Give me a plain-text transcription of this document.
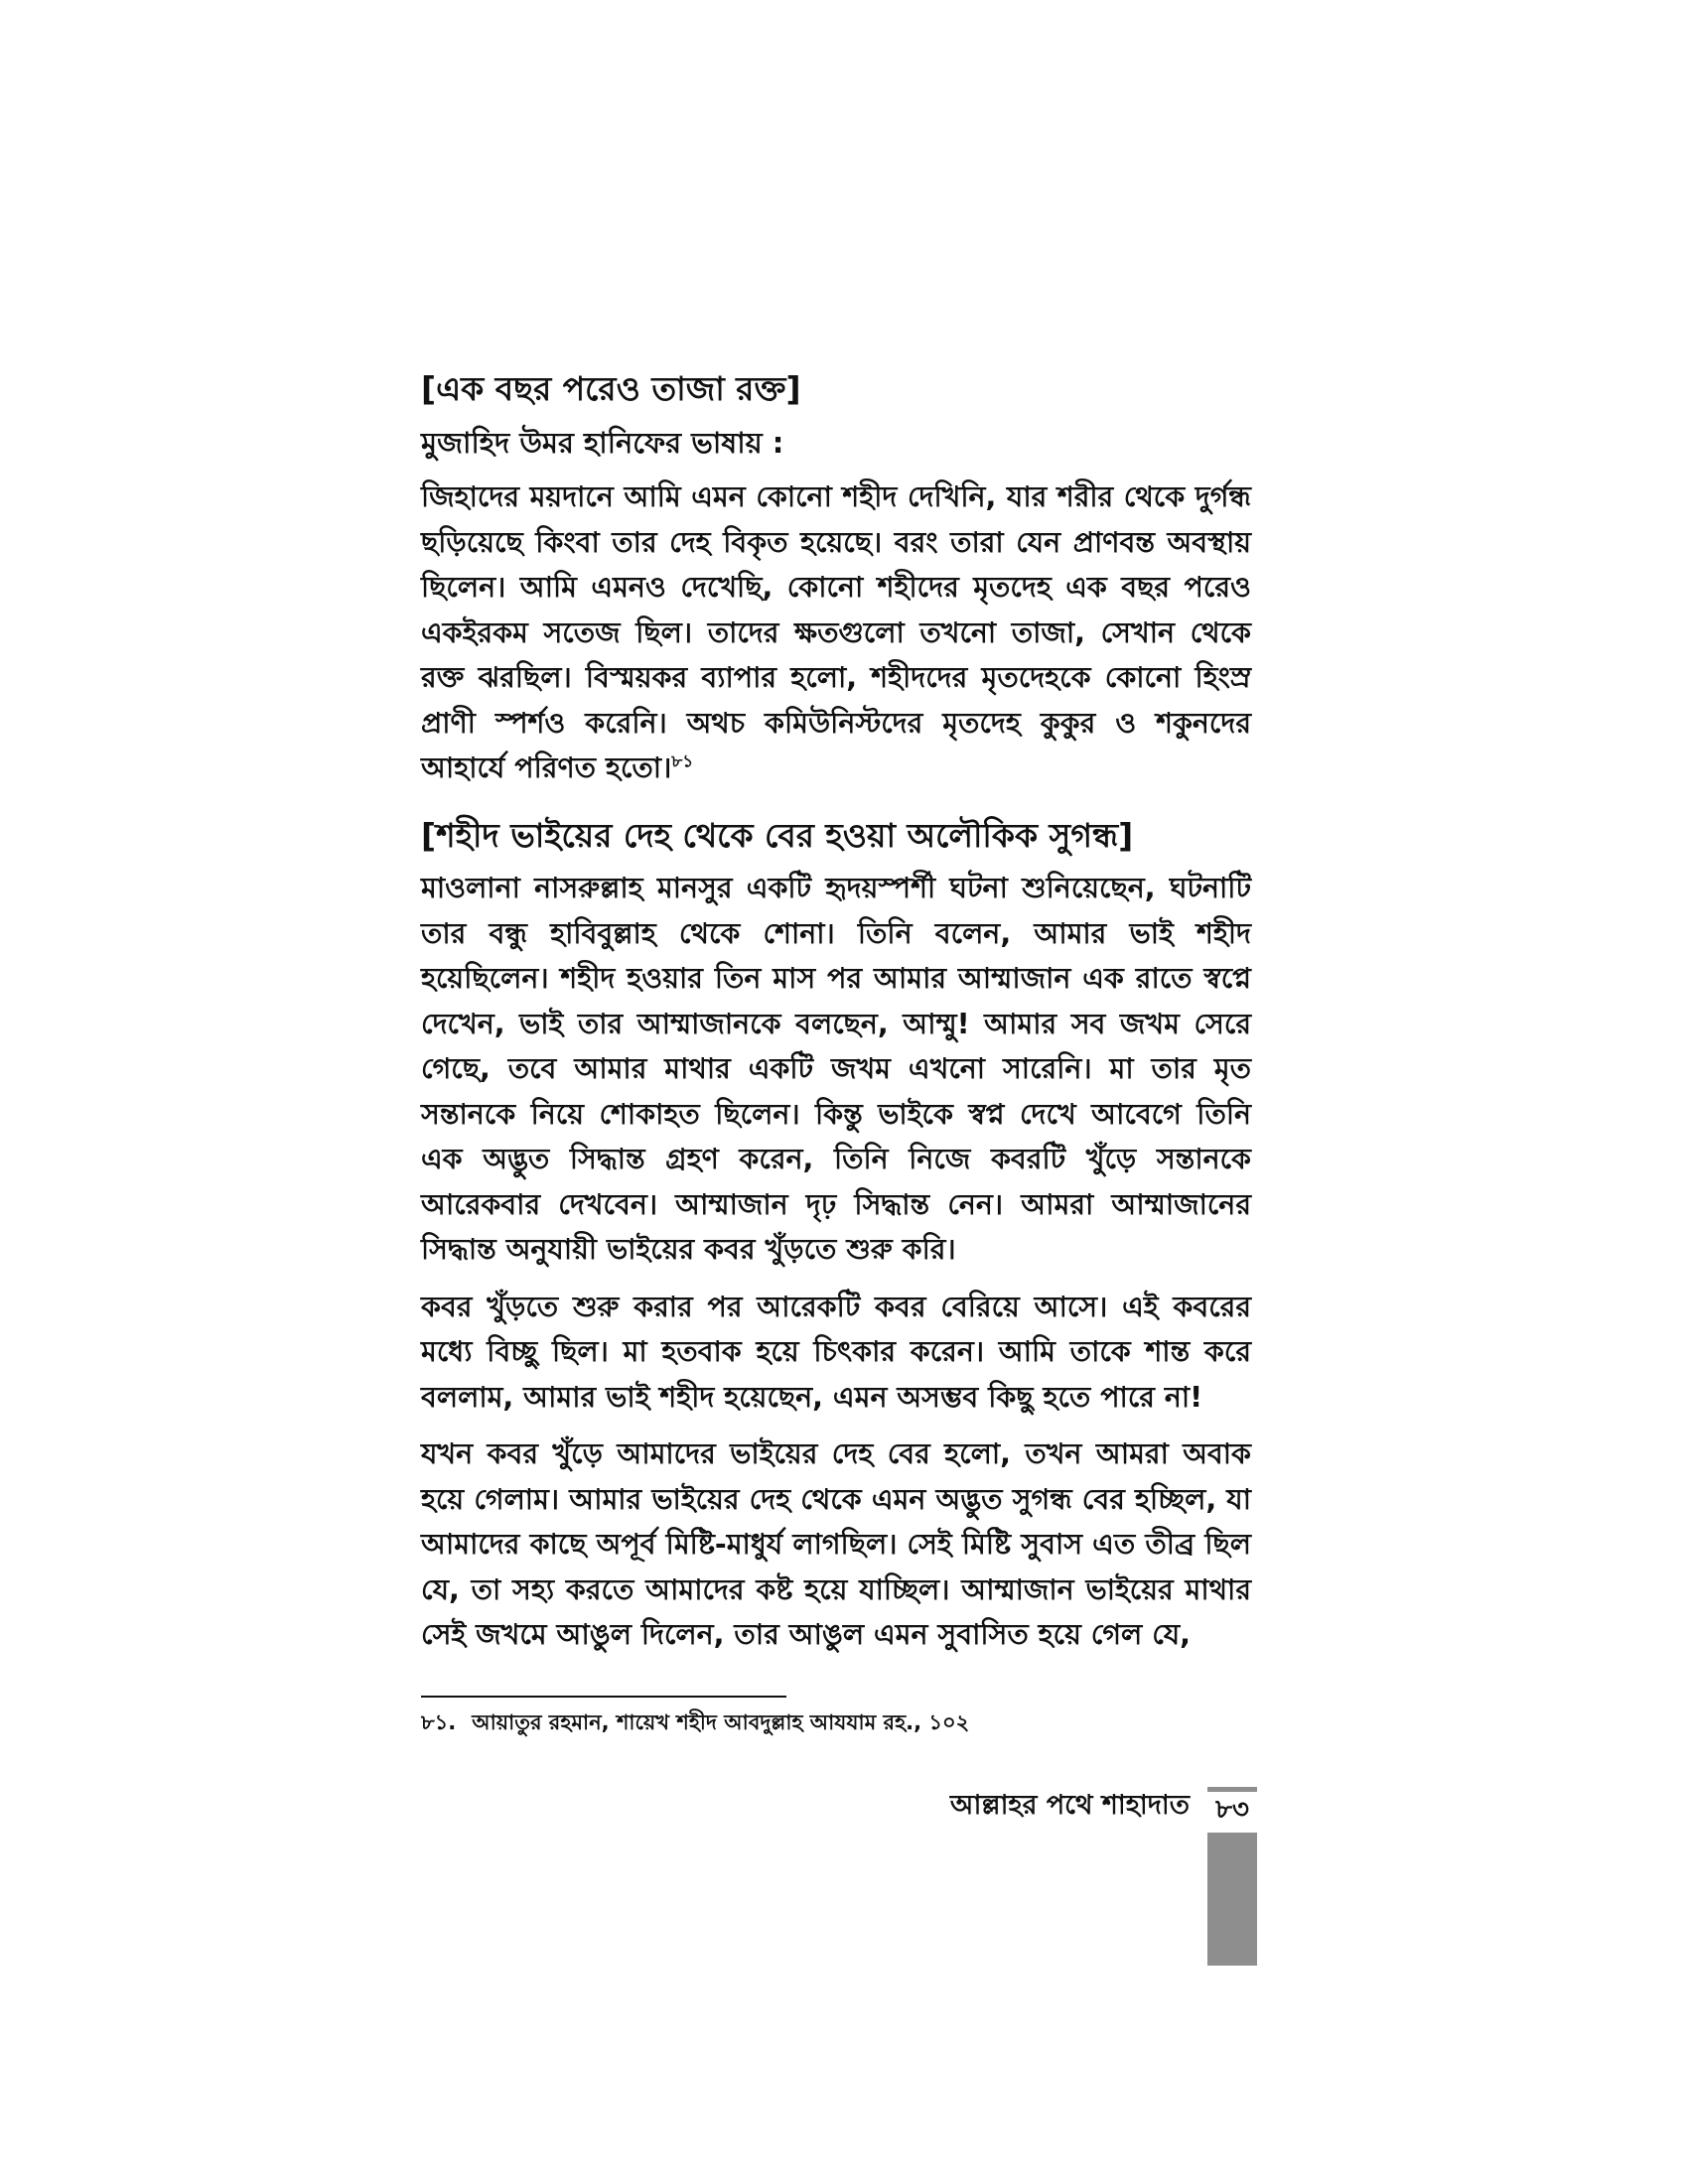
[এক বছর পরেও তাজা রক্ত]

মুজাহিদ উমর হানিফের ভাষায় :

জিহাদের ময়দানে আমি এমন কোনো শহীদ দেখিনি, যার শরীর থেকে দুর্গন্ধ ছড়িয়েছে কিংবা তার দেহ বিকৃত হয়েছে। বরং তারা যেন প্রাণবন্ত অবস্থায় ছিলেন। আমি এমনও দেখেছি, কোনো শহীদের মৃতদেহ এক বছর পরেও একইরকম সতেজ ছিল। তাদের ক্ষতগুলো তখনো তাজা, সেখান থেকে রক্ত ঝরছিল। বিস্ময়কর ব্যাপার হলো, শহীদদের মৃতদেহকে কোনো হিংস্র প্রাণী স্পর্শও করেনি। অথচ কমিউনিস্টদের মৃতদেহ কুকুর ও শকুনদের আহার্যে পরিণত হতো।$^{৮১}$

[শহীদ ভাইয়ের দেহ থেকে বের হওয়া অলৌকিক সুগন্ধ]

মাওলানা নাসরুল্লাহ মানসুর একটি হৃদয়স্পর্শী ঘটনা শুনিয়েছেন, ঘটনাটি তার বন্ধু হাবিবুল্লাহ থেকে শোনা। তিনি বলেন, আমার ভাই শহীদ হয়েছিলেন। শহীদ হওয়ার তিন মাস পর আমার আম্মাজান এক রাতে স্বপ্নে দেখেন, ভাই তার আম্মাজানকে বলছেন, আম্মু! আমার সব জখম সেরে গেছে, তবে আমার মাথার একটি জখম এখনো সারেনি। মা তার মৃত সন্তানকে নিয়ে শোকাহত ছিলেন। কিন্তু ভাইকে স্বপ্ন দেখে আবেগে তিনি এক অদ্ভুত সিদ্ধান্ত গ্রহণ করেন, তিনি নিজে কবরটি খুঁড়ে সন্তানকে আরেকবার দেখবেন। আম্মাজান দৃঢ় সিদ্ধান্ত নেন। আমরা আম্মাজানের সিদ্ধান্ত অনুযায়ী ভাইয়ের কবর খুঁড়তে শুরু করি।

কবর খুঁড়তে শুরু করার পর আরেকটি কবর বেরিয়ে আসে। এই কবরের মধ্যে বিচ্ছু ছিল। মা হতবাক হয়ে চিৎকার করেন। আমি তাকে শান্ত করে বললাম, আমার ভাই শহীদ হয়েছেন, এমন অসম্ভব কিছু হতে পারে না!

যখন কবর খুঁড়ে আমাদের ভাইয়ের দেহ বের হলো, তখন আমরা অবাক হয়ে গেলাম। আমার ভাইয়ের দেহ থেকে এমন অদ্ভুত সুগন্ধ বের হচ্ছিল, যা আমাদের কাছে অপূর্ব মিষ্টি-মাধুর্য লাগছিল। সেই মিষ্টি সুবাস এত তীব্র ছিল যে, তা সহ্য করতে আমাদের কষ্ট হয়ে যাচ্ছিল। আম্মাজান ভাইয়ের মাথার সেই জখমে আঙুল দিলেন, তার আঙুল এমন সুবাসিত হয়ে গেল যে,

৮১. আয়াতুর রহমান, শায়েখ শহীদ আবদুল্লাহ আযযাম রহ., ১০২
আল্লাহর পথে শাহাদাত	৮৩
